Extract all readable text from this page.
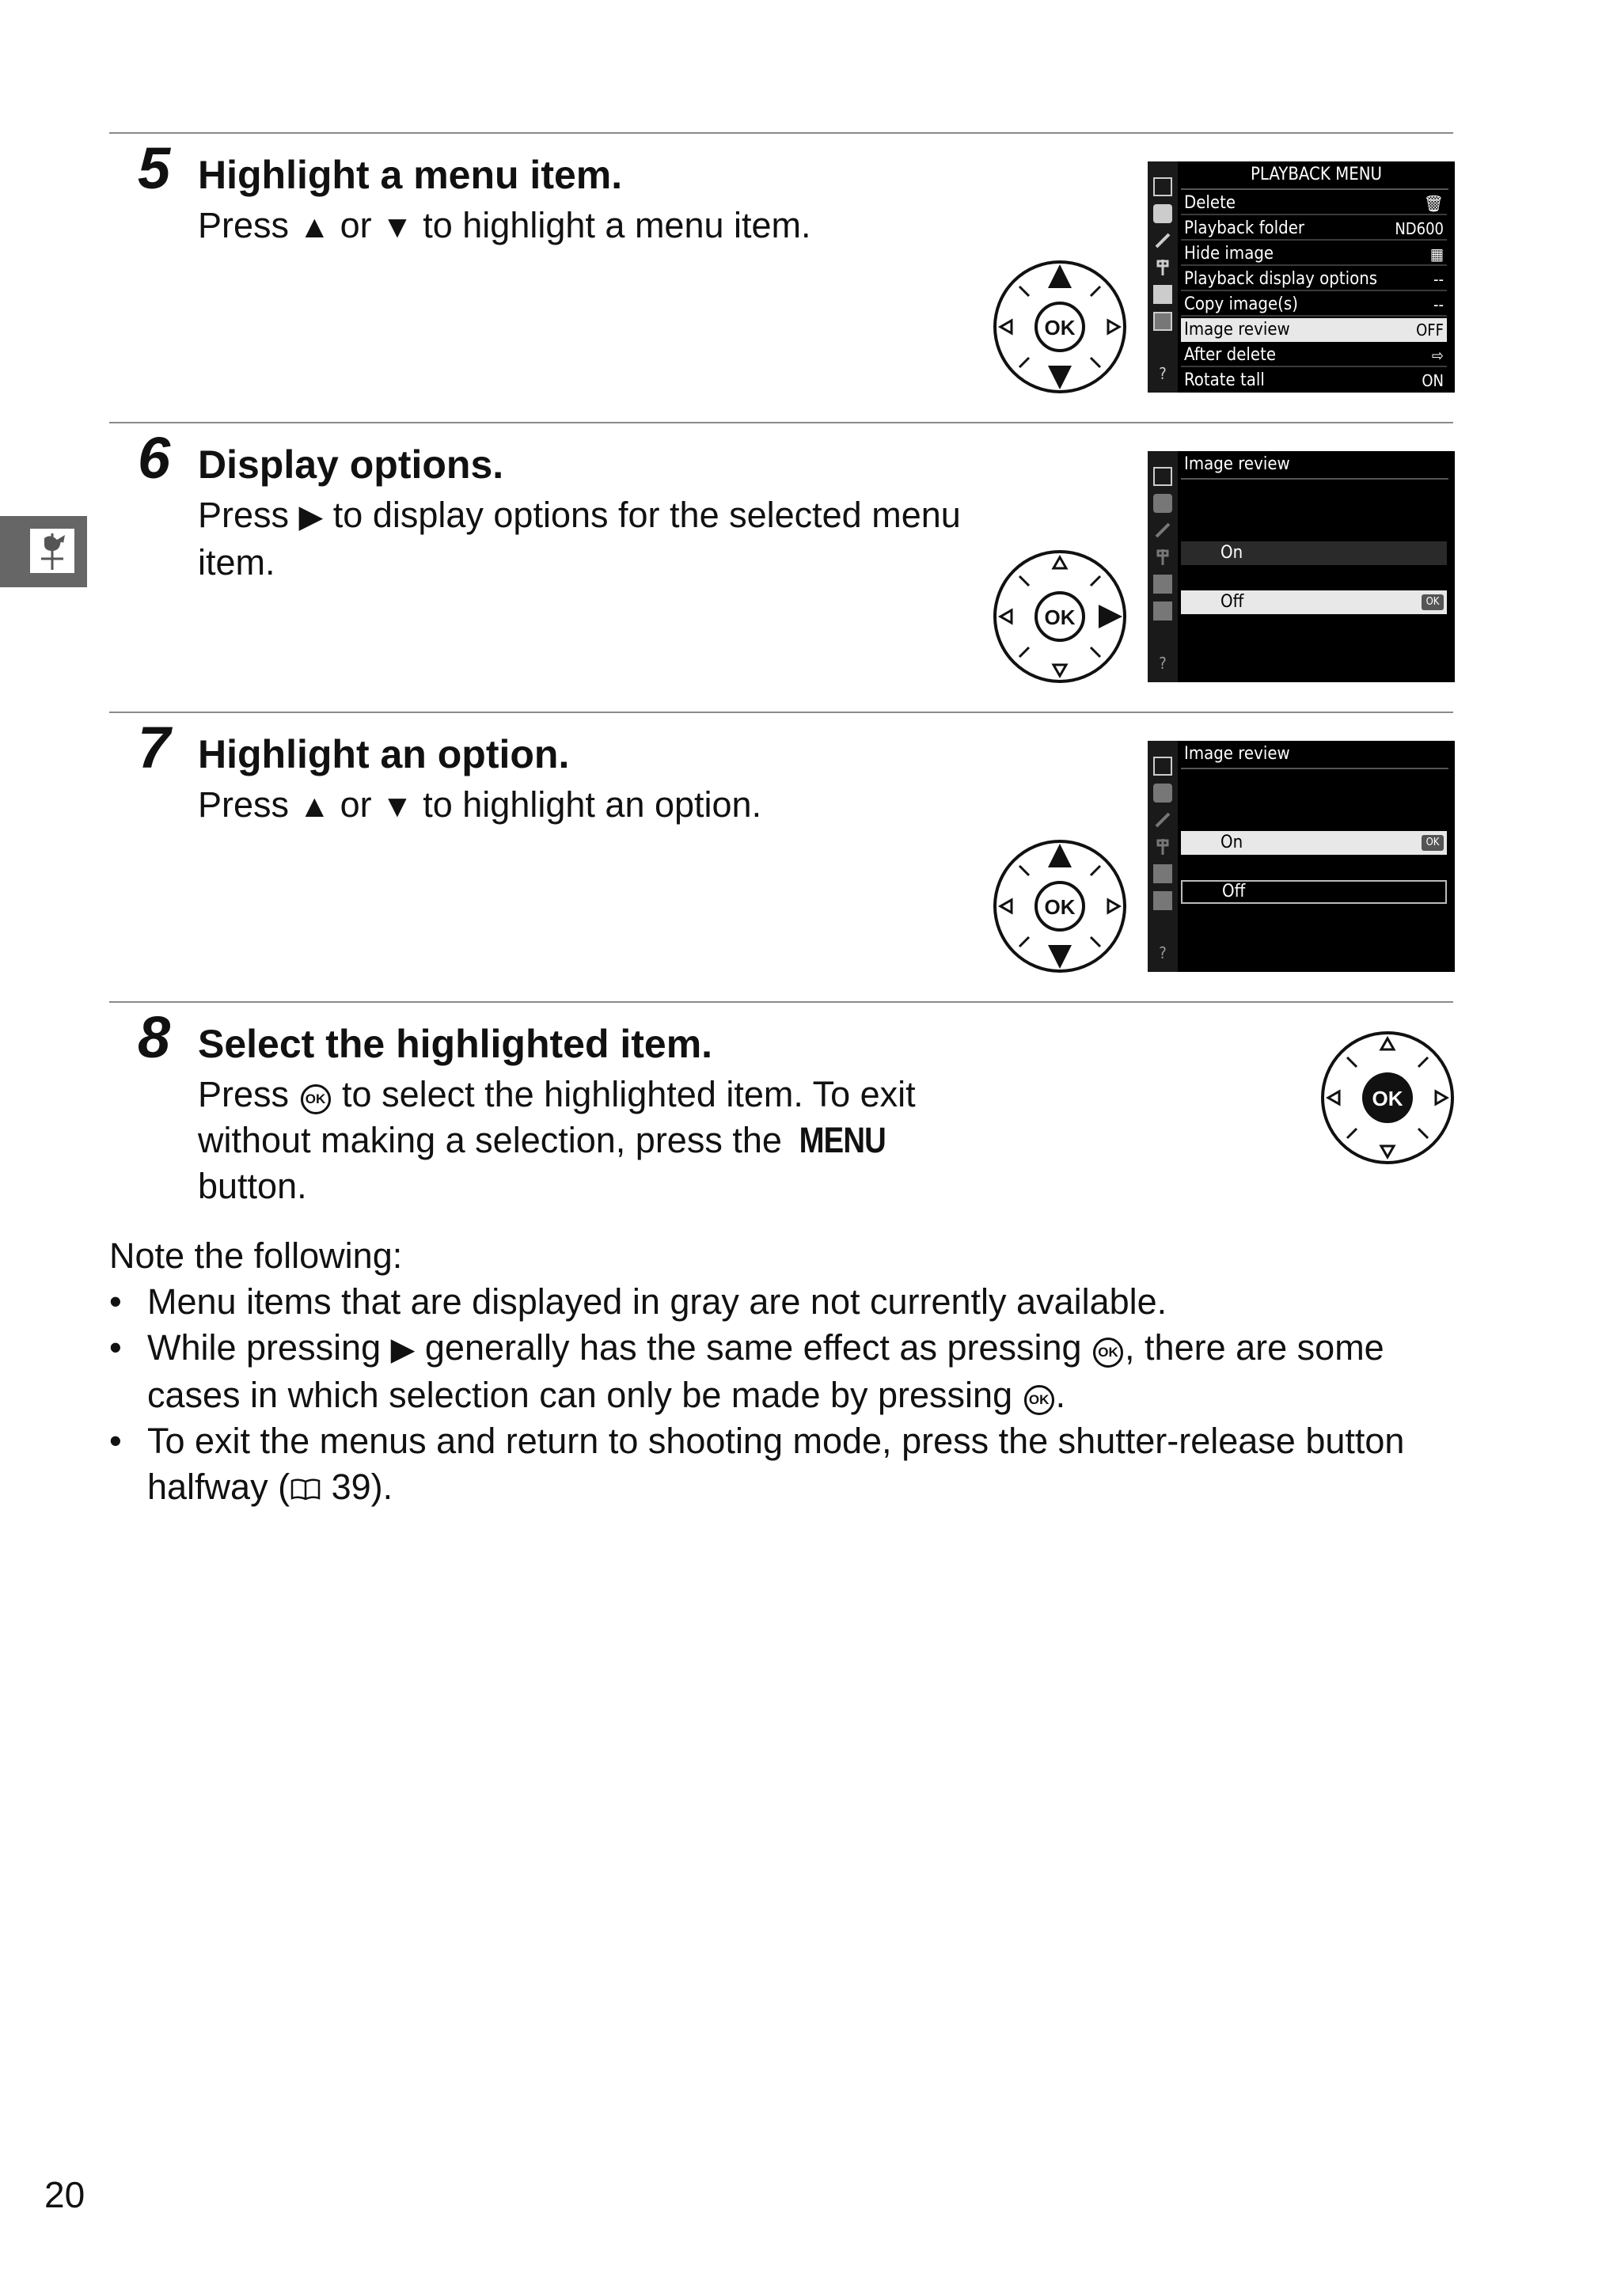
5 Highlight a menu item.
Press ▲ or ▼ to highlight a menu item.
OK
?
PLAYBACK MENU
Delete	🗑
Playback folder	ND600
Hide image	▦
Playback display options	--
Copy image(s)	--
Image review	OFF
After delete	⇨
Rotate tall	ON
6 Display options.
Press ▶ to display options for the selected menu
item.
OK
?
Image review
On
Off	OK
7 Highlight an option.
Press ▲ or ▼ to highlight an option.
OK
?
Image review
On	OK
Off
8 Select the highlighted item.
Press OK to select the highlighted item. To exit
without making a selection, press the MENU
button.
OK
Note the following:
• Menu items that are displayed in gray are not currently available.
• While pressing ▶ generally has the same effect as pressing OK , there are some
cases in which selection can only be made by pressing OK .
• To exit the menus and return to shooting mode, press the shutter-release button
halfway ( 39).
20
